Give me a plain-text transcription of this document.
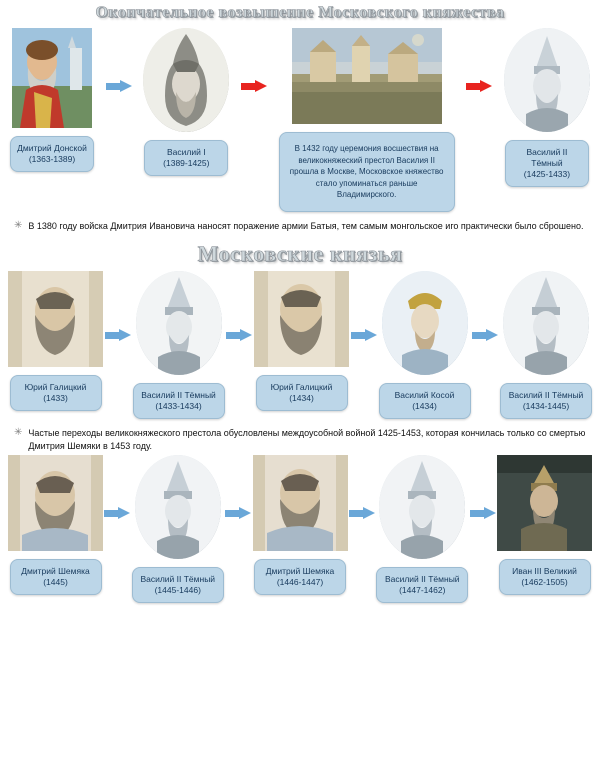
Окончательное возвышение Московского княжества
Дмитрий Донской
(1363-1389)
Василий I
(1389-1425)
В 1432 году церемония восшествия на великокняжеский престол Василия II прошла в Москве, Московское княжество стало упоминаться раньше Владимирского.
Василий II Тёмный
(1425-1433)
✳ В 1380 году войска Дмитрия Ивановича наносят поражение армии Батыя, тем самым монгольское иго практически было сброшено.
Московские князья
Юрий Галицкий
(1433)	Василий II Тёмный
(1433-1434)
Юрий Галицкий
(1434)	Василий Косой
(1434)
Василий II Тёмный
(1434-1445)
✳ Частые переходы великокняжеского престола обусловлены междоусобной войной 1425-1453, которая кончилась только со смертью Дмитрия Шемяки в 1453 году.
Дмитрий Шемяка
(1445)	Василий II Тёмный
(1445-1446)
Дмитрий Шемяка
(1446-1447)	Василий II Тёмный
(1447-1462)
Иван III Великий
(1462-1505)
